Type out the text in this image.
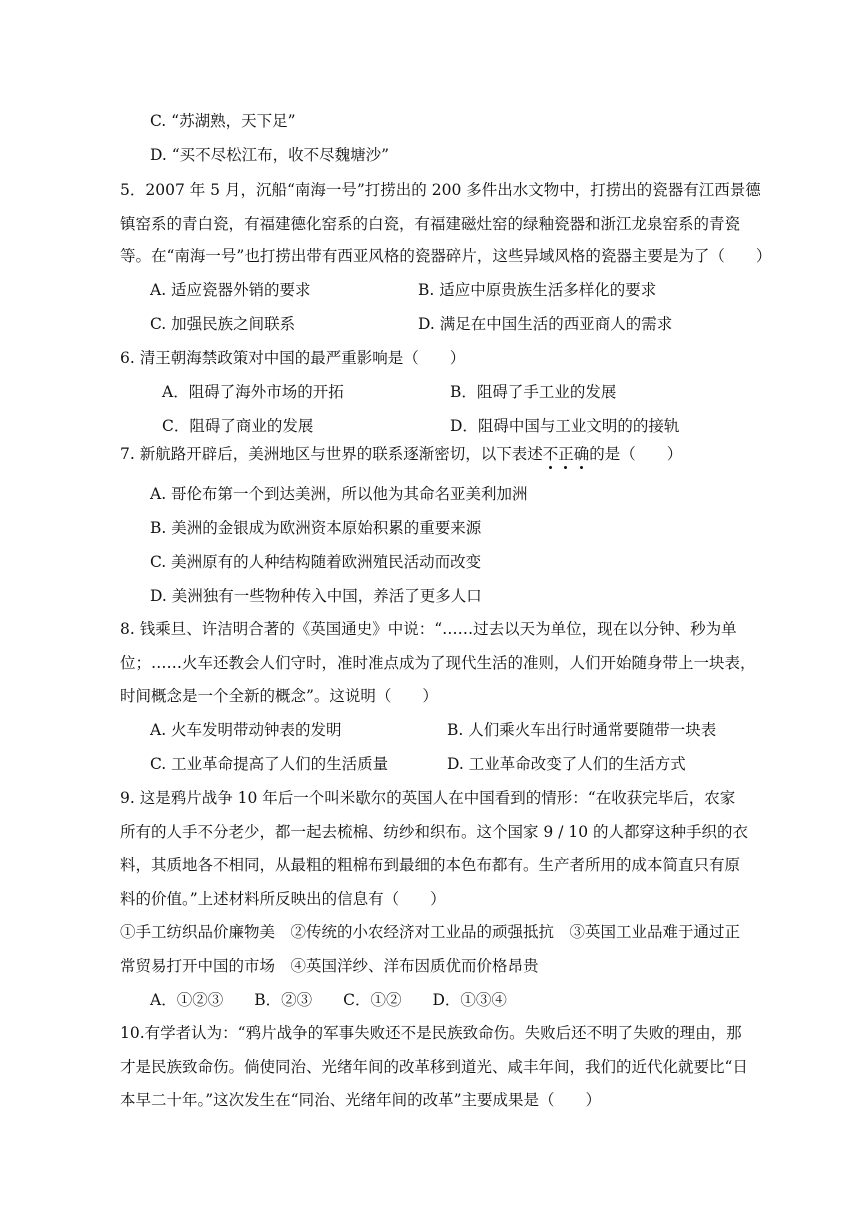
C. “苏湖熟，天下足”
D. “买不尽松江布，收不尽魏塘沙”
5．2007 年 5 月，沉船“南海一号”打捞出的 200 多件出水文物中，打捞出的瓷器有江西景德
镇窑系的青白瓷，有福建德化窑系的白瓷，有福建磁灶窑的绿釉瓷器和浙江龙泉窑系的青瓷
等。在“南海一号”也打捞出带有西亚风格的瓷器碎片，这些异域风格的瓷器主要是为了（　　）
A. 适应瓷器外销的要求	B. 适应中原贵族生活多样化的要求
C. 加强民族之间联系	D. 满足在中国生活的西亚商人的需求
6. 清王朝海禁政策对中国的最严重影响是（　　）
A．阻碍了海外市场的开拓	B．阻碍了手工业的发展
C．阻碍了商业的发展	D．阻碍中国与工业文明的的接轨
7. 新航路开辟后，美洲地区与世界的联系逐渐密切，以下表述不正确的是（　　）
A. 哥伦布第一个到达美洲，所以他为其命名亚美利加洲
B. 美洲的金银成为欧洲资本原始积累的重要来源
C. 美洲原有的人种结构随着欧洲殖民活动而改变
D. 美洲独有一些物种传入中国，养活了更多人口
8. 钱乘旦、许洁明合著的《英国通史》中说：“……过去以天为单位，现在以分钟、秒为单
位；……火车还教会人们守时，准时准点成为了现代生活的准则，人们开始随身带上一块表，
时间概念是一个全新的概念”。这说明（　　）
A. 火车发明带动钟表的发明	B. 人们乘火车出行时通常要随带一块表
C. 工业革命提高了人们的生活质量	D. 工业革命改变了人们的生活方式
9. 这是鸦片战争 10 年后一个叫米歇尔的英国人在中国看到的情形：“在收获完毕后，农家
所有的人手不分老少，都一起去梳棉、纺纱和织布。这个国家 9 / 10 的人都穿这种手织的衣
料，其质地各不相同，从最粗的粗棉布到最细的本色布都有。生产者所用的成本简直只有原
料的价值。”上述材料所反映出的信息有（　　）
①手工纺织品价廉物美　②传统的小农经济对工业品的顽强抵抗　③英国工业品难于通过正
常贸易打开中国的市场　④英国洋纱、洋布因质优而价格昂贵
A．①②③　　B．②③　　C．①②　　D．①③④
10.有学者认为：“鸦片战争的军事失败还不是民族致命伤。失败后还不明了失败的理由，那
才是民族致命伤。倘使同治、光绪年间的改革移到道光、咸丰年间，我们的近代化就要比“日
本早二十年。”这次发生在“同治、光绪年间的改革”主要成果是（　　）
